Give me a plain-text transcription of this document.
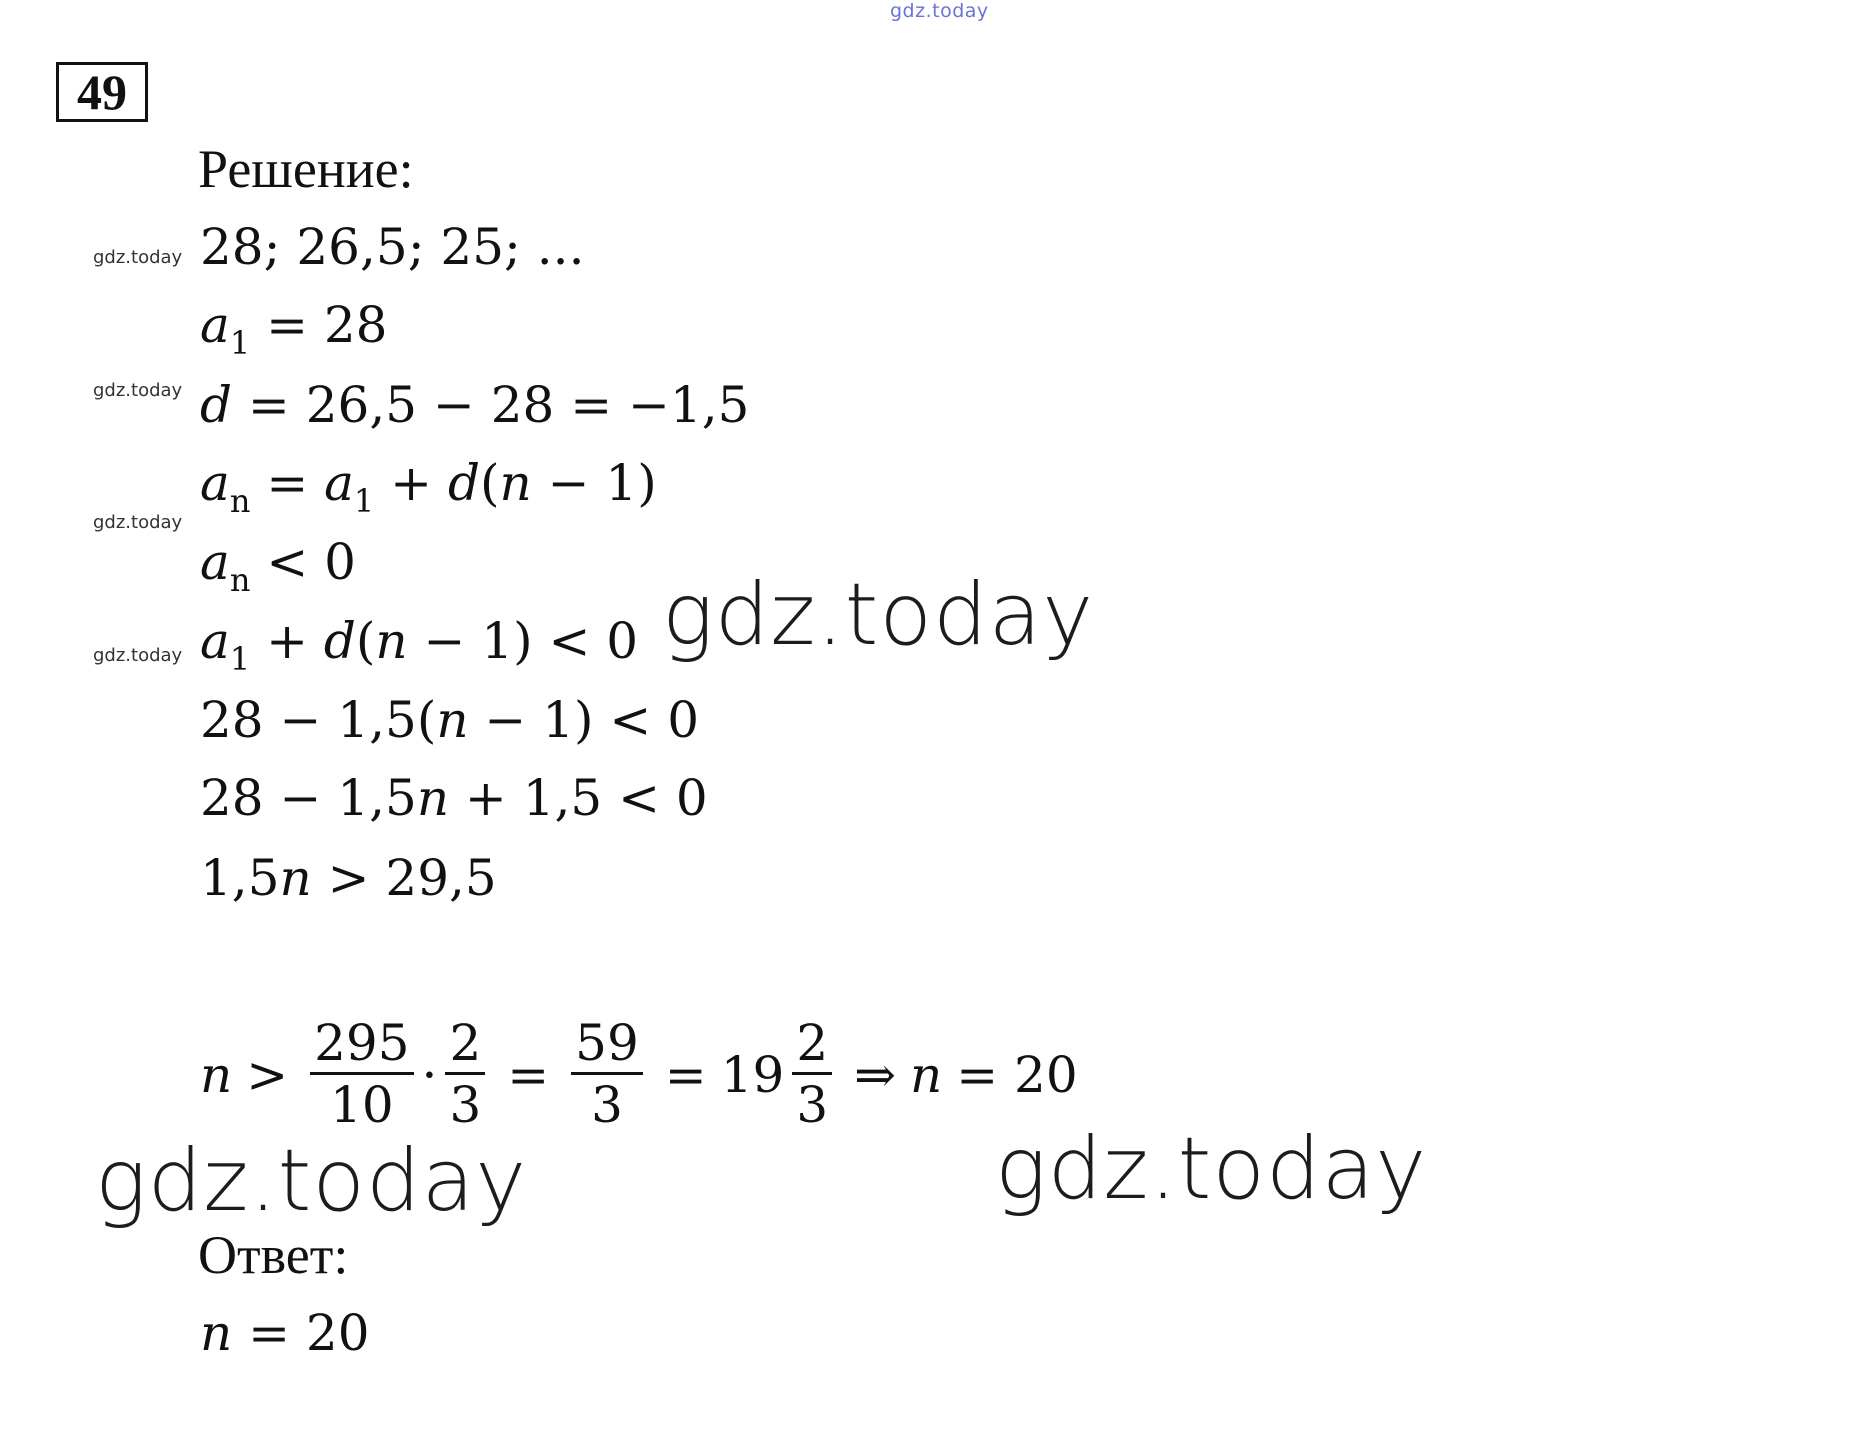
gdz.today
49
Решение:
gdz.today
gdz.today
gdz.today
gdz.today
28; 26,5; 25; ...
$a_1 = 28$
d = 26,5 − 28 = −1,5
$a_n = a_1 + d(n - 1)$
$a_n < 0$
$a_1 + d(n - 1) < 0$
28 − 1,5(n − 1) < 0
28 − 1,5n + 1,5 < 0
1,5n > 29,5
$n > \frac{295}{10} \cdot \frac{2}{3} = \frac{59}{3} = 19 \frac{2}{3}$ ⇒ n = 20
gdz.today
gdz.today	gdz.today
Ответ:
n = 20
